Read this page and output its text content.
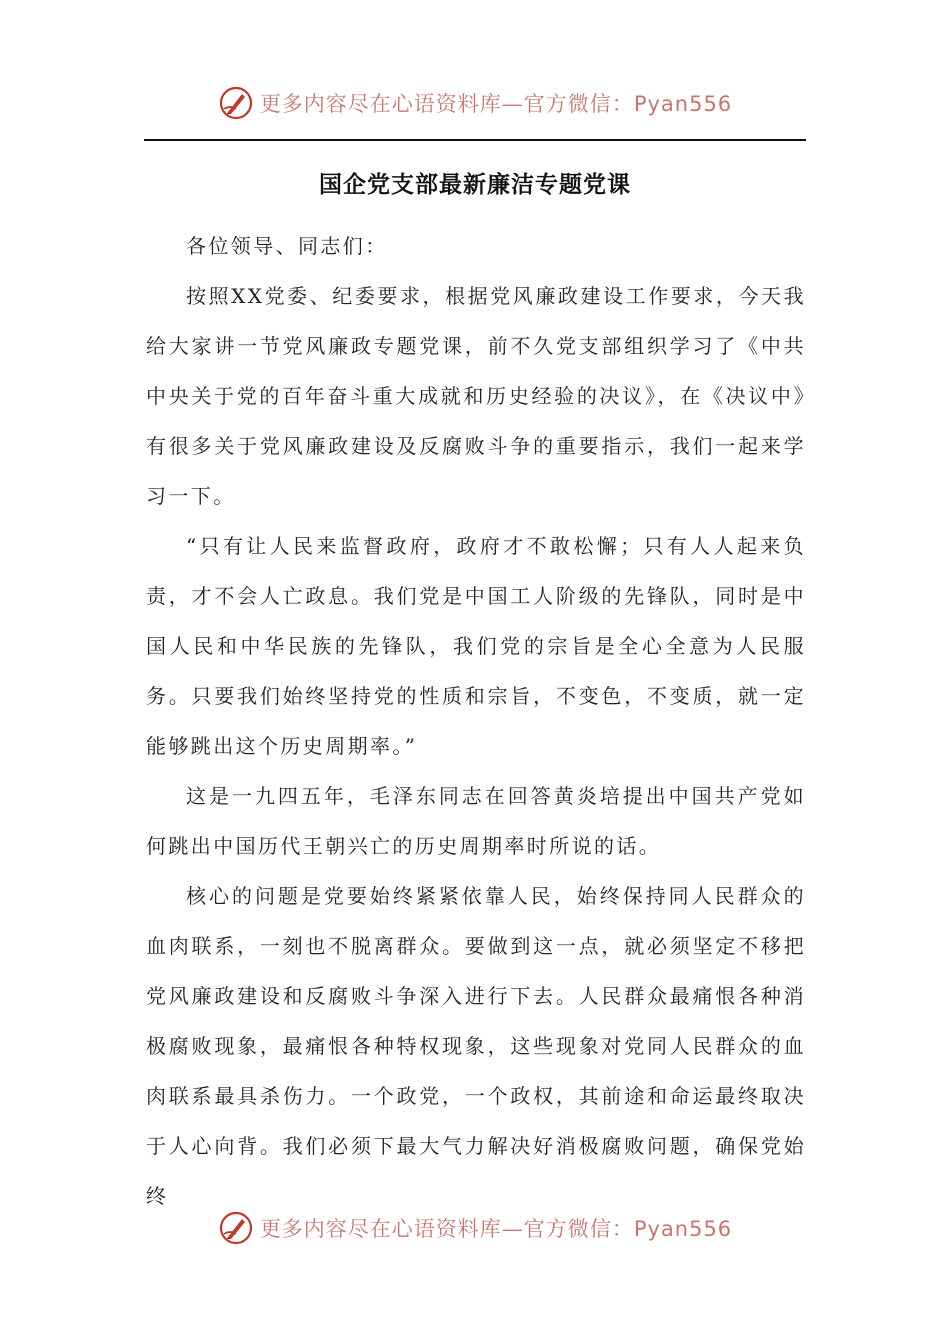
更多内容尽在心语资料库—官方微信：Pyan556
国企党支部最新廉洁专题党课

各位领导、同志们：

按照XX党委、纪委要求，根据党风廉政建设工作要求，今天我给大家讲一节党风廉政专题党课，前不久党支部组织学习了《中共中央关于党的百年奋斗重大成就和历史经验的决议》，在《决议中》有很多关于党风廉政建设及反腐败斗争的重要指示，我们一起来学习一下。

“只有让人民来监督政府，政府才不敢松懈；只有人人起来负责，才不会人亡政息。我们党是中国工人阶级的先锋队，同时是中国人民和中华民族的先锋队，我们党的宗旨是全心全意为人民服务。只要我们始终坚持党的性质和宗旨，不变色，不变质，就一定能够跳出这个历史周期率。”

这是一九四五年，毛泽东同志在回答黄炎培提出中国共产党如何跳出中国历代王朝兴亡的历史周期率时所说的话。

核心的问题是党要始终紧紧依靠人民，始终保持同人民群众的血肉联系，一刻也不脱离群众。要做到这一点，就必须坚定不移把党风廉政建设和反腐败斗争深入进行下去。人民群众最痛恨各种消极腐败现象，最痛恨各种特权现象，这些现象对党同人民群众的血肉联系最具杀伤力。一个政党，一个政权，其前途和命运最终取决于人心向背。我们必须下最大气力解决好消极腐败问题，确保党始终

更多内容尽在心语资料库—官方微信：Pyan556
